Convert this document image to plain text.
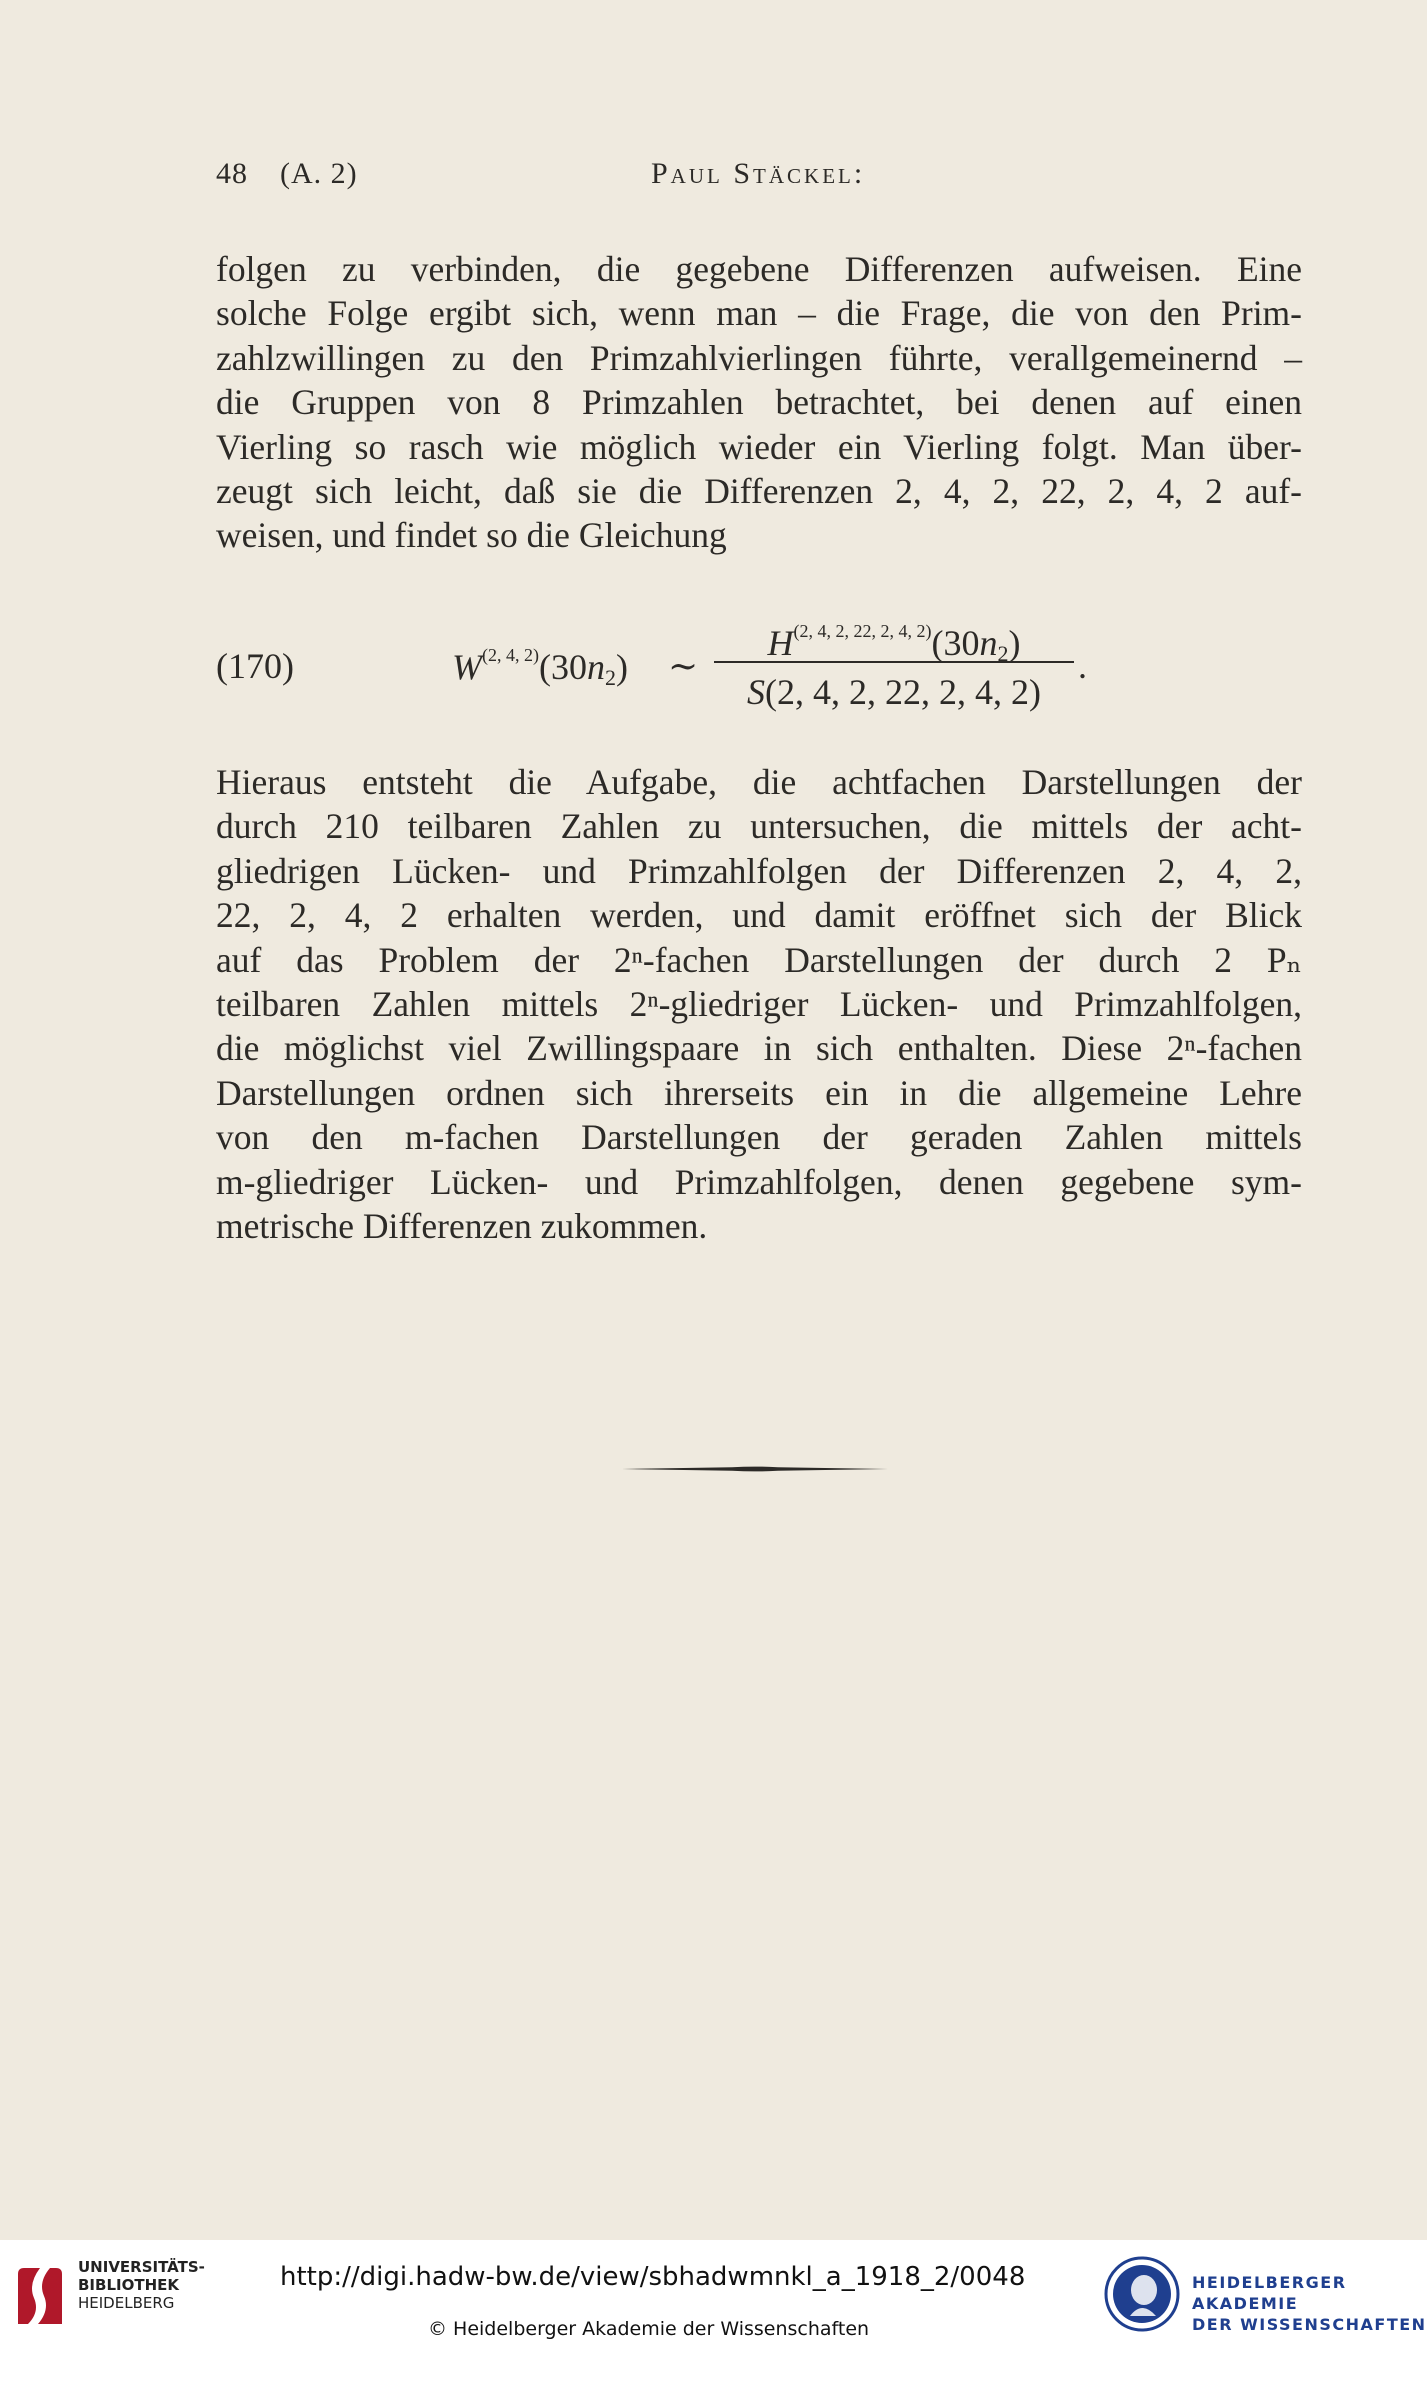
48 (A. 2)	Paul Stäckel:
folgen zu verbinden, die gegebene Differenzen aufweisen. Eine
solche Folge ergibt sich, wenn man – die Frage, die von den Prim-
zahlzwillingen zu den Primzahlvierlingen führte, verallgemeinernd –
die Gruppen von 8 Primzahlen betrachtet, bei denen auf einen
Vierling so rasch wie möglich wieder ein Vierling folgt. Man über-
zeugt sich leicht, daß sie die Differenzen 2, 4, 2, 22, 2, 4, 2 auf-
weisen, und findet so die Gleichung
(170)	$W^{(2, 4, 2)}(30n_2)$ ∼
$H^{(2, 4, 2, 22, 2, 4, 2)}(30n_2)$
S(2, 4, 2, 22, 2, 4, 2)
.
Hieraus entsteht die Aufgabe, die achtfachen Darstellungen der
durch 210 teilbaren Zahlen zu untersuchen, die mittels der acht-
gliedrigen Lücken- und Primzahlfolgen der Differenzen 2, 4, 2,
22, 2, 4, 2 erhalten werden, und damit eröffnet sich der Blick
auf das Problem der 2ⁿ-fachen Darstellungen der durch 2 Pₙ
teilbaren Zahlen mittels 2ⁿ-gliedriger Lücken- und Primzahlfolgen,
die möglichst viel Zwillingspaare in sich enthalten. Diese 2ⁿ-fachen
Darstellungen ordnen sich ihrerseits ein in die allgemeine Lehre
von den m-fachen Darstellungen der geraden Zahlen mittels
m-gliedriger Lücken- und Primzahlfolgen, denen gegebene sym-
metrische Differenzen zukommen.
UNIVERSITÄTS-
BIBLIOTHEK
HEIDELBERG
http://digi.hadw-bw.de/view/sbhadwmnkl_a_1918_2/0048
© Heidelberger Akademie der Wissenschaften
HEIDELBERGER AKADEMIE
DER WISSENSCHAFTEN
